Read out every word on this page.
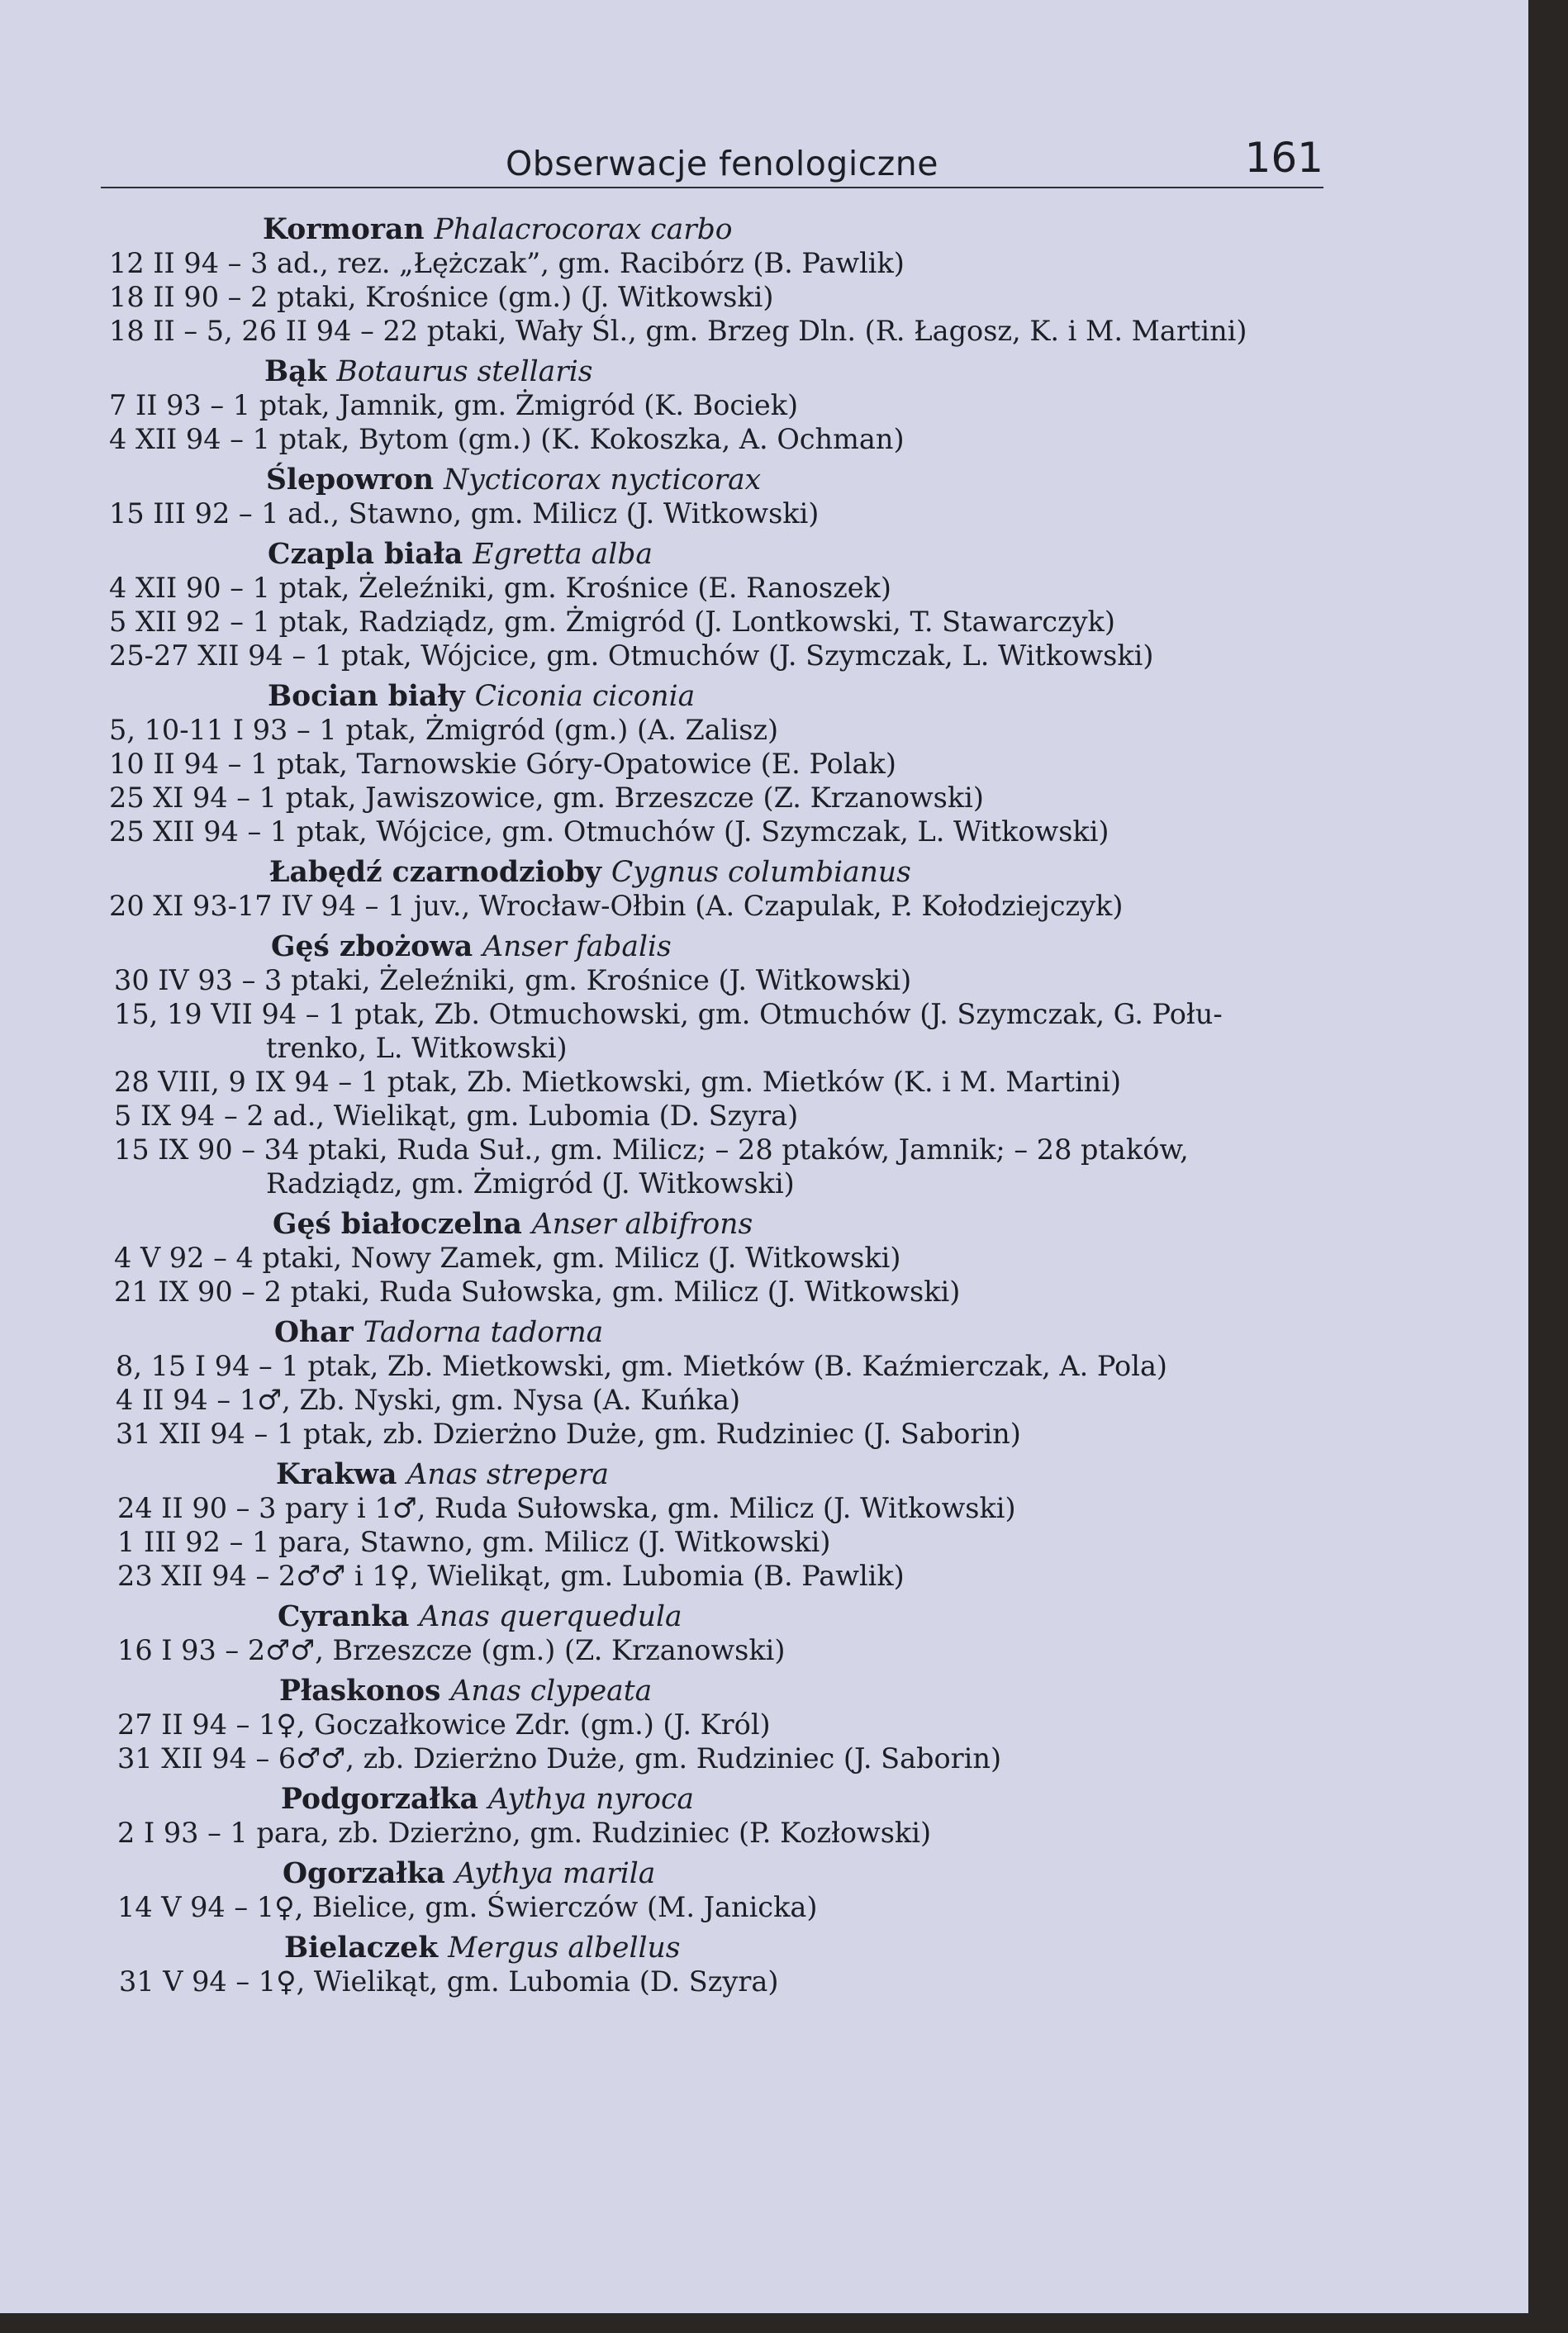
Obserwacje fenologiczne	161
Kormoran Phalacrocorax carbo
12 II 94 – 3 ad., rez. „Łężczak”, gm. Racibórz (B. Pawlik)
18 II 90 – 2 ptaki, Krośnice (gm.) (J. Witkowski)
18 II – 5, 26 II 94 – 22 ptaki, Wały Śl., gm. Brzeg Dln. (R. Łagosz, K. i M. Martini)
Bąk Botaurus stellaris
7 II 93 – 1 ptak, Jamnik, gm. Żmigród (K. Bociek)
4 XII 94 – 1 ptak, Bytom (gm.) (K. Kokoszka, A. Ochman)
Ślepowron Nycticorax nycticorax
15 III 92 – 1 ad., Stawno, gm. Milicz (J. Witkowski)
Czapla biała Egretta alba
4 XII 90 – 1 ptak, Żeleźniki, gm. Krośnice (E. Ranoszek)
5 XII 92 – 1 ptak, Radziądz, gm. Żmigród (J. Lontkowski, T. Stawarczyk)
25-27 XII 94 – 1 ptak, Wójcice, gm. Otmuchów (J. Szymczak, L. Witkowski)
Bocian biały Ciconia ciconia
5, 10-11 I 93 – 1 ptak, Żmigród (gm.) (A. Zalisz)
10 II 94 – 1 ptak, Tarnowskie Góry-Opatowice (E. Polak)
25 XI 94 – 1 ptak, Jawiszowice, gm. Brzeszcze (Z. Krzanowski)
25 XII 94 – 1 ptak, Wójcice, gm. Otmuchów (J. Szymczak, L. Witkowski)
Łabędź czarnodzioby Cygnus columbianus
20 XI 93-17 IV 94 – 1 juv., Wrocław-Ołbin (A. Czapulak, P. Kołodziejczyk)
Gęś zbożowa Anser fabalis
30 IV 93 – 3 ptaki, Żeleźniki, gm. Krośnice (J. Witkowski)
15, 19 VII 94 – 1 ptak, Zb. Otmuchowski, gm. Otmuchów (J. Szymczak, G. Połu-
trenko, L. Witkowski)
28 VIII, 9 IX 94 – 1 ptak, Zb. Mietkowski, gm. Mietków (K. i M. Martini)
5 IX 94 – 2 ad., Wielikąt, gm. Lubomia (D. Szyra)
15 IX 90 – 34 ptaki, Ruda Suł., gm. Milicz; – 28 ptaków, Jamnik; – 28 ptaków,
Radziądz, gm. Żmigród (J. Witkowski)
Gęś białoczelna Anser albifrons
4 V 92 – 4 ptaki, Nowy Zamek, gm. Milicz (J. Witkowski)
21 IX 90 – 2 ptaki, Ruda Sułowska, gm. Milicz (J. Witkowski)
Ohar Tadorna tadorna
8, 15 I 94 – 1 ptak, Zb. Mietkowski, gm. Mietków (B. Kaźmierczak, A. Pola)
4 II 94 – 1♂, Zb. Nyski, gm. Nysa (A. Kuńka)
31 XII 94 – 1 ptak, zb. Dzierżno Duże, gm. Rudziniec (J. Saborin)
Krakwa Anas strepera
24 II 90 – 3 pary i 1♂, Ruda Sułowska, gm. Milicz (J. Witkowski)
1 III 92 – 1 para, Stawno, gm. Milicz (J. Witkowski)
23 XII 94 – 2♂♂ i 1♀, Wielikąt, gm. Lubomia (B. Pawlik)
Cyranka Anas querquedula
16 I 93 – 2♂♂, Brzeszcze (gm.) (Z. Krzanowski)
Płaskonos Anas clypeata
27 II 94 – 1♀, Goczałkowice Zdr. (gm.) (J. Król)
31 XII 94 – 6♂♂, zb. Dzierżno Duże, gm. Rudziniec (J. Saborin)
Podgorzałka Aythya nyroca
2 I 93 – 1 para, zb. Dzierżno, gm. Rudziniec (P. Kozłowski)
Ogorzałka Aythya marila
14 V 94 – 1♀, Bielice, gm. Świerczów (M. Janicka)
Bielaczek Mergus albellus
31 V 94 – 1♀, Wielikąt, gm. Lubomia (D. Szyra)
